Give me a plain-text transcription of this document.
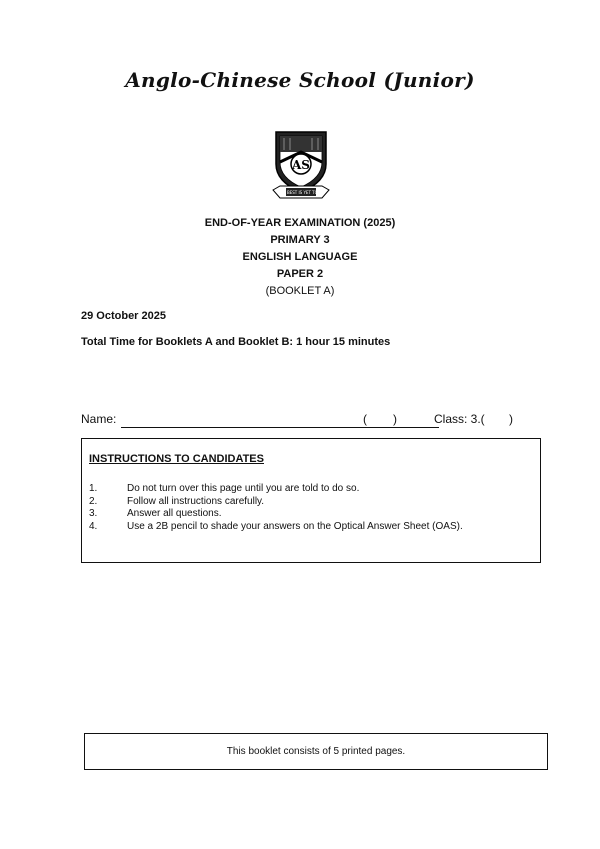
Anglo-Chinese School (Junior)
AS
THE BEST IS YET TO BE
END-OF-YEAR EXAMINATION (2025)
PRIMARY 3
ENGLISH LANGUAGE
PAPER 2
(BOOKLET A)
29 October 2025
Total Time for Booklets A and Booklet B: 1 hour 15 minutes
Name:	( )	Class: 3.( )
INSTRUCTIONS TO CANDIDATES
1.	Do not turn over this page until you are told to do so.
2.	Follow all instructions carefully.
3.	Answer all questions.
4.	Use a 2B pencil to shade your answers on the Optical Answer Sheet (OAS).
This booklet consists of 5 printed pages.
